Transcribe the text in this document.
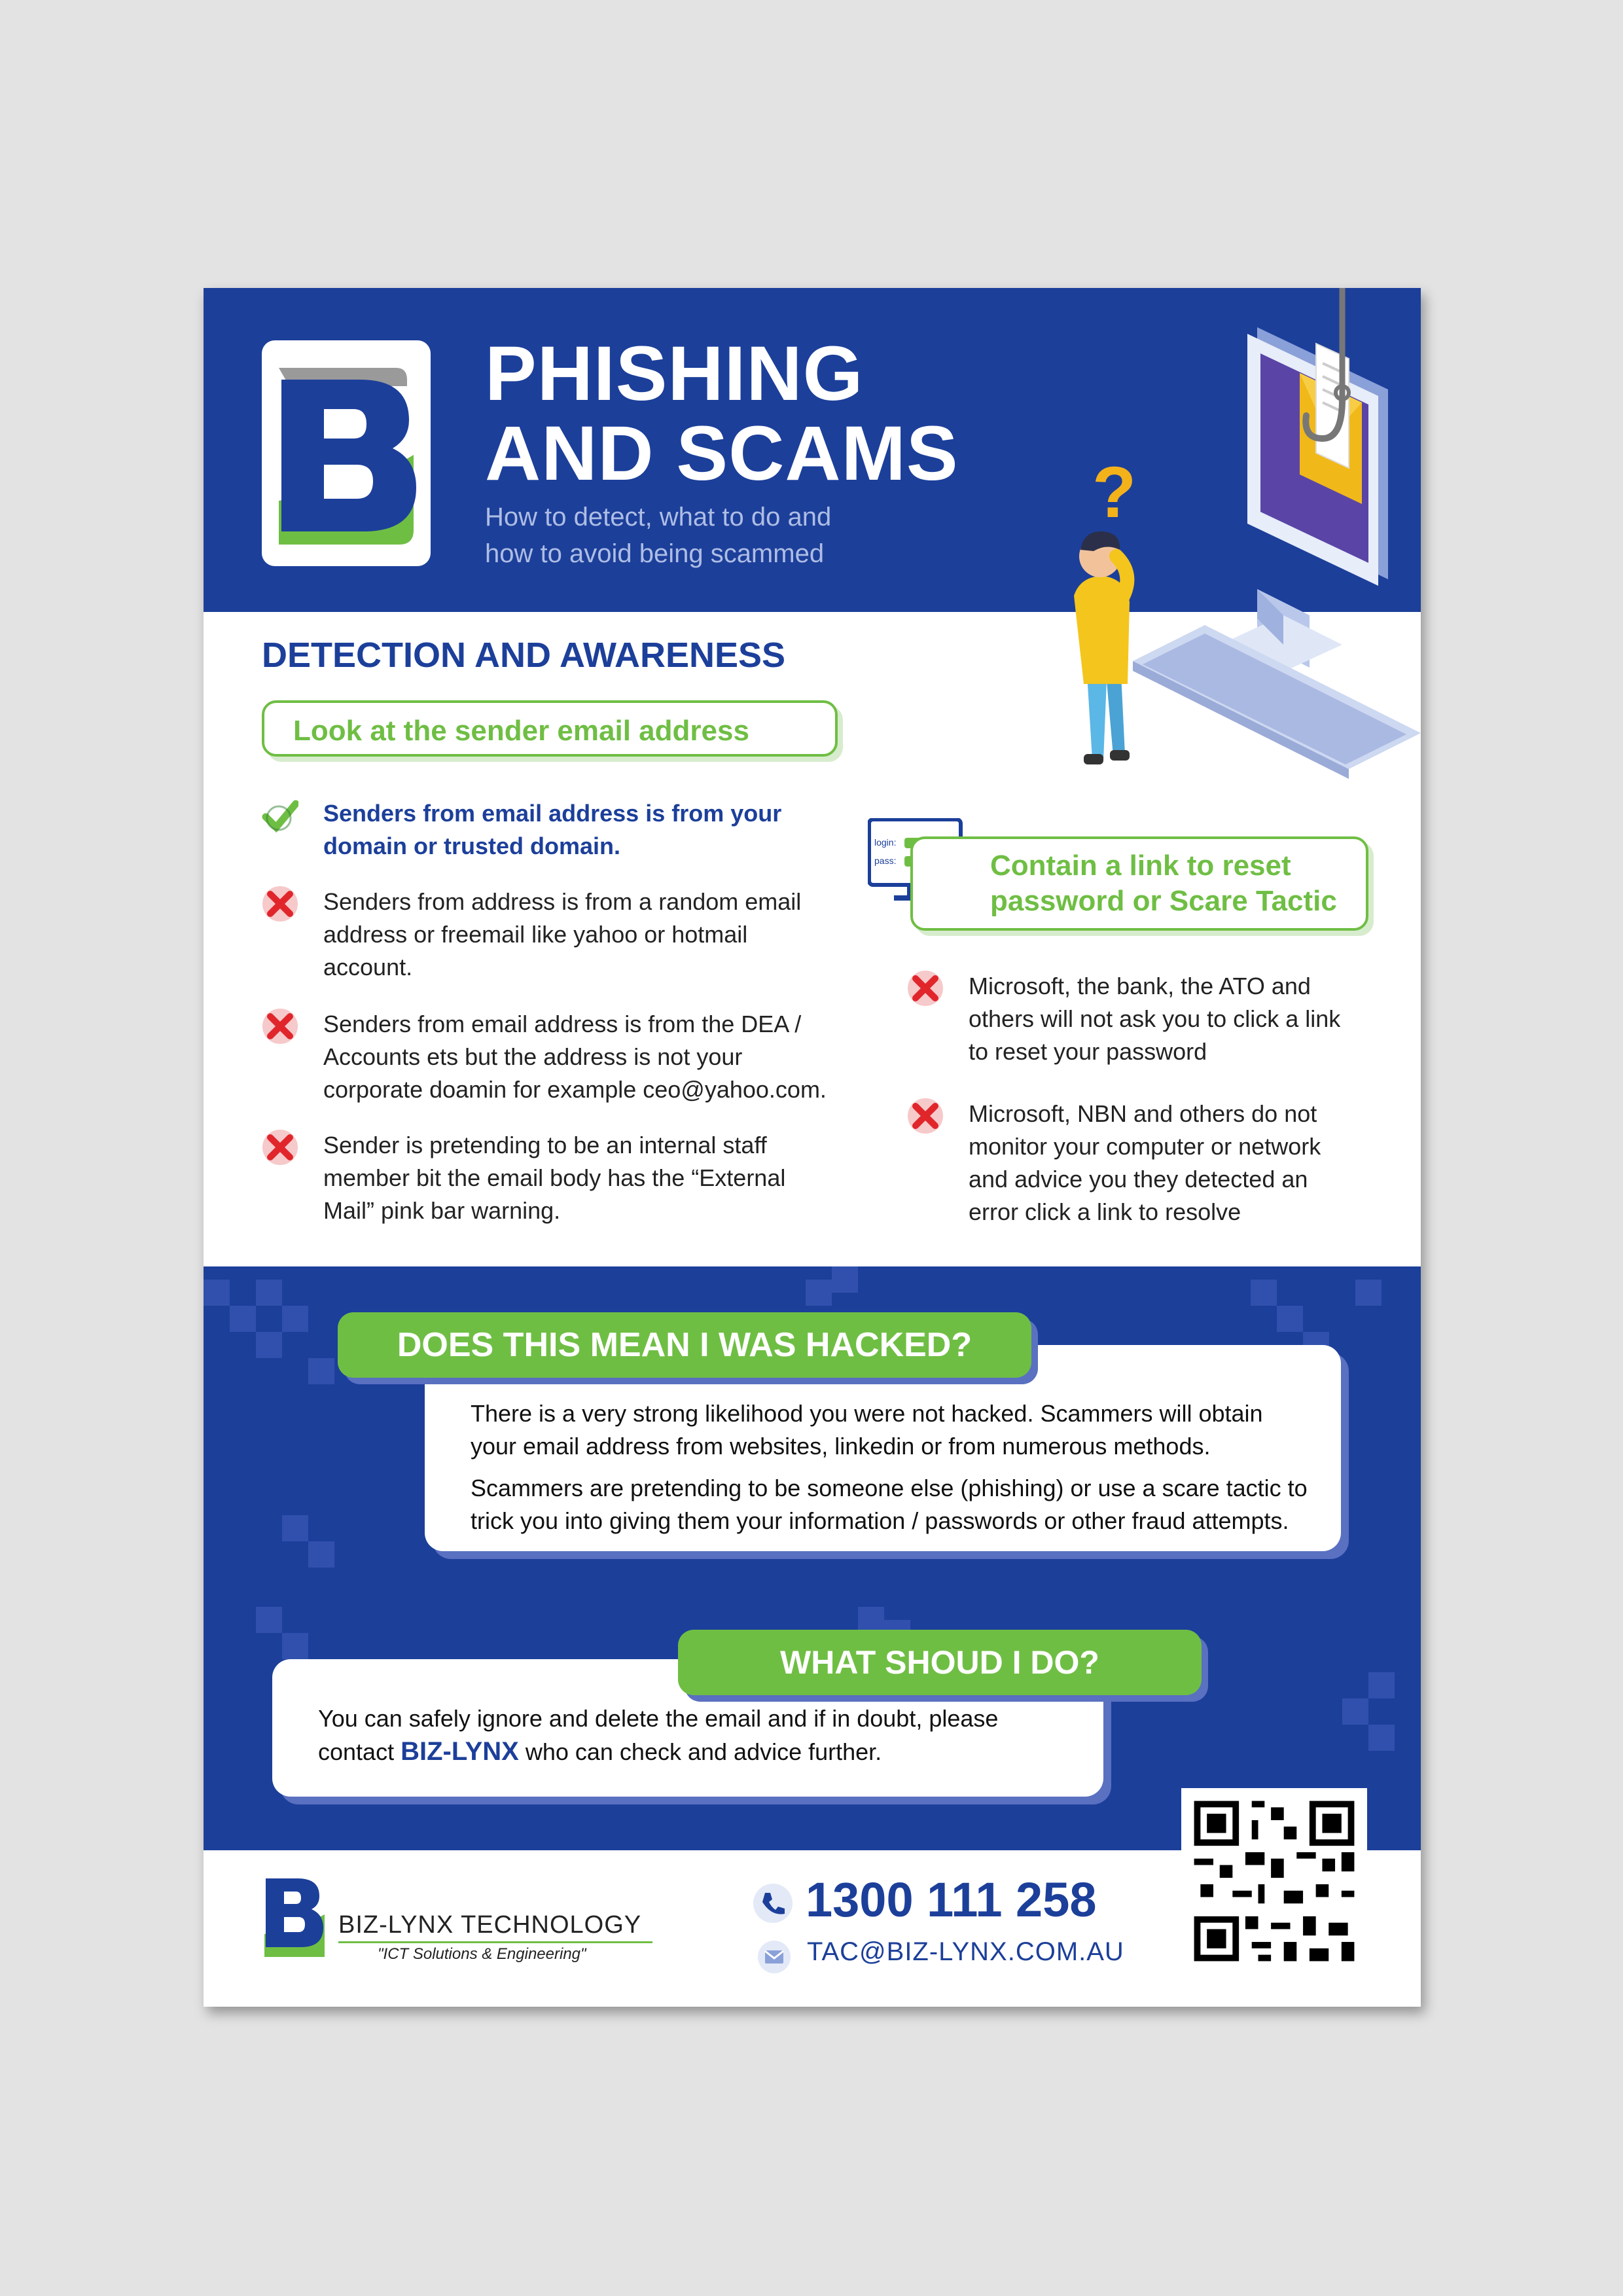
PHISHING
AND SCAMS
How to detect, what to do and how to avoid being scammed
?
DETECTION AND AWARENESS
Look at the sender email address
Senders from email address is from your domain or trusted domain.
Senders from address is from a random email address or freemail like yahoo or hotmail account.
Senders from email address is from the DEA / Accounts ets but the address is not your corporate doamin for example ceo@yahoo.com.
Sender is pretending to be an internal staff member bit the email body has the “External Mail” pink bar warning.
login:
pass:	Contain a link to reset password or Scare Tactic
Microsoft, the bank, the ATO and others will not ask you to click a link to reset your password
Microsoft, NBN and others do not monitor your computer or network and advice you they detected an error click a link to resolve
There is a very strong likelihood you were not hacked. Scammers will obtain your email address from websites, linkedin or from numerous methods.
Scammers are pretending to be someone else (phishing) or use a scare tactic to trick you into giving them your information / passwords or other fraud attempts.
DOES THIS MEAN I WAS HACKED?
You can safely ignore and delete the email and if in doubt, please contact BIZ-LYNX who can check and advice further.
WHAT SHOUD I DO?
BIZ-LYNX TECHNOLOGY
"ICT Solutions & Engineering"
1300 111 258
TAC@BIZ-LYNX.COM.AU
